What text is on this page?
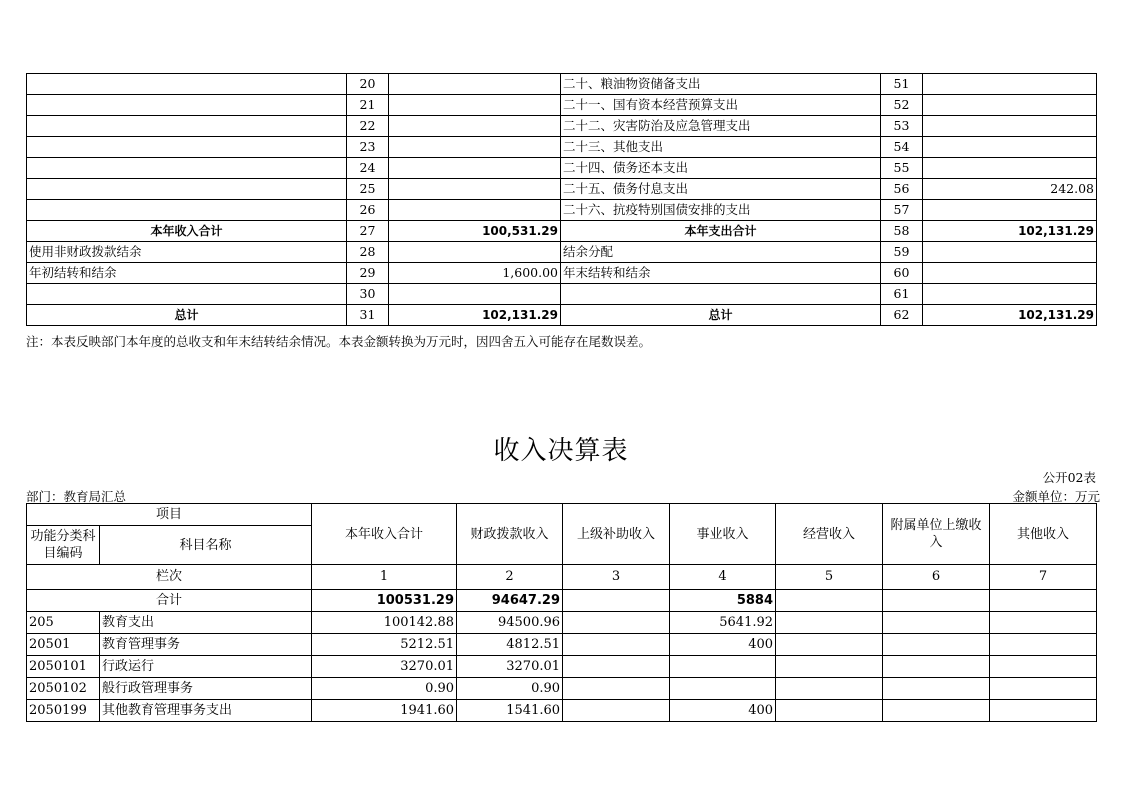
	20		二十、粮油物资储备支出	51	
	21		二十一、国有资本经营预算支出	52	
	22		二十二、灾害防治及应急管理支出	53	
	23		二十三、其他支出	54	
	24		二十四、债务还本支出	55	
	25		二十五、债务付息支出	56	242.08
	26		二十六、抗疫特别国债安排的支出	57	
本年收入合计	27	100,531.29	本年支出合计	58	102,131.29
使用非财政拨款结余	28		结余分配	59	
年初结转和结余	29	1,600.00	年末结转和结余	60	
	30			61	
总计	31	102,131.29	总计	62	102,131.29
注：本表反映部门本年度的总收支和年末结转结余情况。本表金额转换为万元时，因四舍五入可能存在尾数误差。
收入决算表
公开02表
部门：教育局汇总	金额单位：万元
项目		本年收入合计	财政拨款收入	上级补助收入	事业收入	经营收入	附属单位上缴收入	其他收入
功能分类科目编码	科目名称							
栏次		1	2	3	4	5	6	7
合计		100531.29	94647.29		5884			
205	教育支出	100142.88	94500.96		5641.92			
20501	教育管理事务	5212.51	4812.51		400			
2050101	行政运行	3270.01	3270.01					
2050102	般行政管理事务	0.90	0.90					
2050199	其他教育管理事务支出	1941.60	1541.60		400			
